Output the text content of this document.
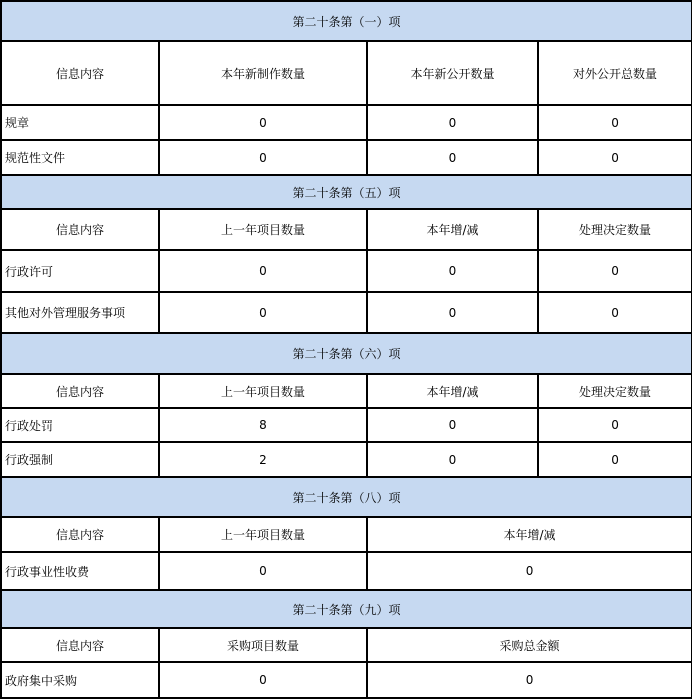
第二十条第（一）项			
信息内容	本年新制作数量	本年新公开数量	对外公开总数量
规章	0	0	0
规范性文件	0	0	0
第二十条第（五）项			
信息内容	上一年项目数量	本年增/减	处理决定数量
行政许可	0	0	0
其他对外管理服务事项	0	0	0
第二十条第（六）项			
信息内容	上一年项目数量	本年增/减	处理决定数量
行政处罚	8	0	0
行政强制	2	0	0
第二十条第（八）项			
信息内容	上一年项目数量	本年增/减	
行政事业性收费	0	0	
第二十条第（九）项			
信息内容	采购项目数量	采购总金额	
政府集中采购	0	0	
